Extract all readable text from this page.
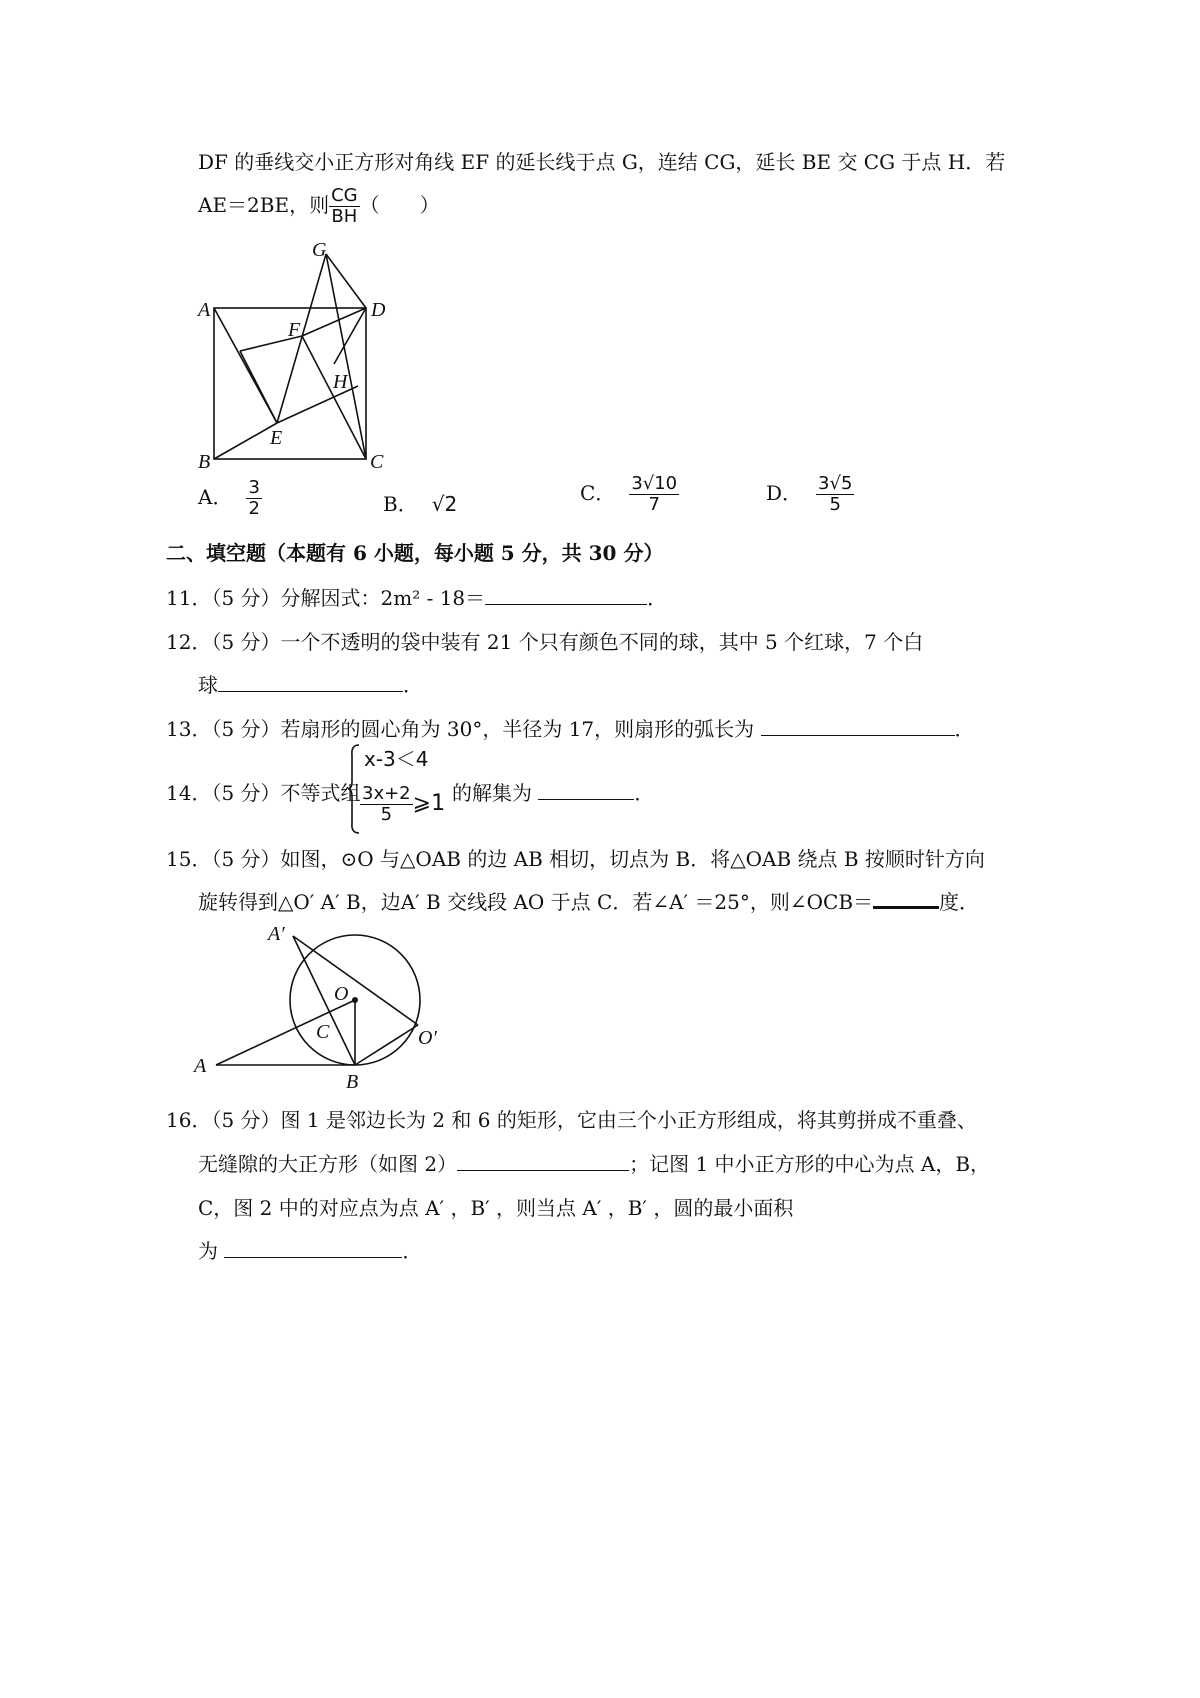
DF 的垂线交小正方形对角线 EF 的延长线于点 G，连结 CG，延长 BE 交 CG 于点 H．若
AE＝2BE，则 $\frac{CG}{BH}$ （　　）
A	D
B	C
F
E
G
H
A． $\frac{3}{2}$	B． √2	C． $\frac{3√10}{7}$	D． $\frac{3√5}{5}$
二、填空题（本题有 6 小题，每小题 5 分，共 30 分）
11．（5 分）分解因式：2m² - 18＝	．
12．（5 分）一个不透明的袋中装有 21 个只有颜色不同的球，其中 5 个红球，7 个白
球	．
13．（5 分）若扇形的圆心角为 30°，半径为 17，则扇形的弧长为	．
14．（5 分）不等式组
x-3＜4
$\frac{3x+2}{5}$ ⩾1 的解集为	．
15．（5 分）如图，⊙O 与△OAB 的边 AB 相切，切点为 B．将△OAB 绕点 B 按顺时针方向
旋转得到△O′ A′ B，边A′ B 交线段 AO 于点 C．若∠A′ ＝25°，则∠OCB＝	度．
A
A′
O
O′
B
C
16．（5 分）图 1 是邻边长为 2 和 6 的矩形，它由三个小正方形组成，将其剪拼成不重叠、
无缝隙的大正方形（如图 2）	；记图 1 中小正方形的中心为点 A，B，
C，图 2 中的对应点为点 A′ ，B′ ，则当点 A′ ，B′ ，圆的最小面积
为	．
